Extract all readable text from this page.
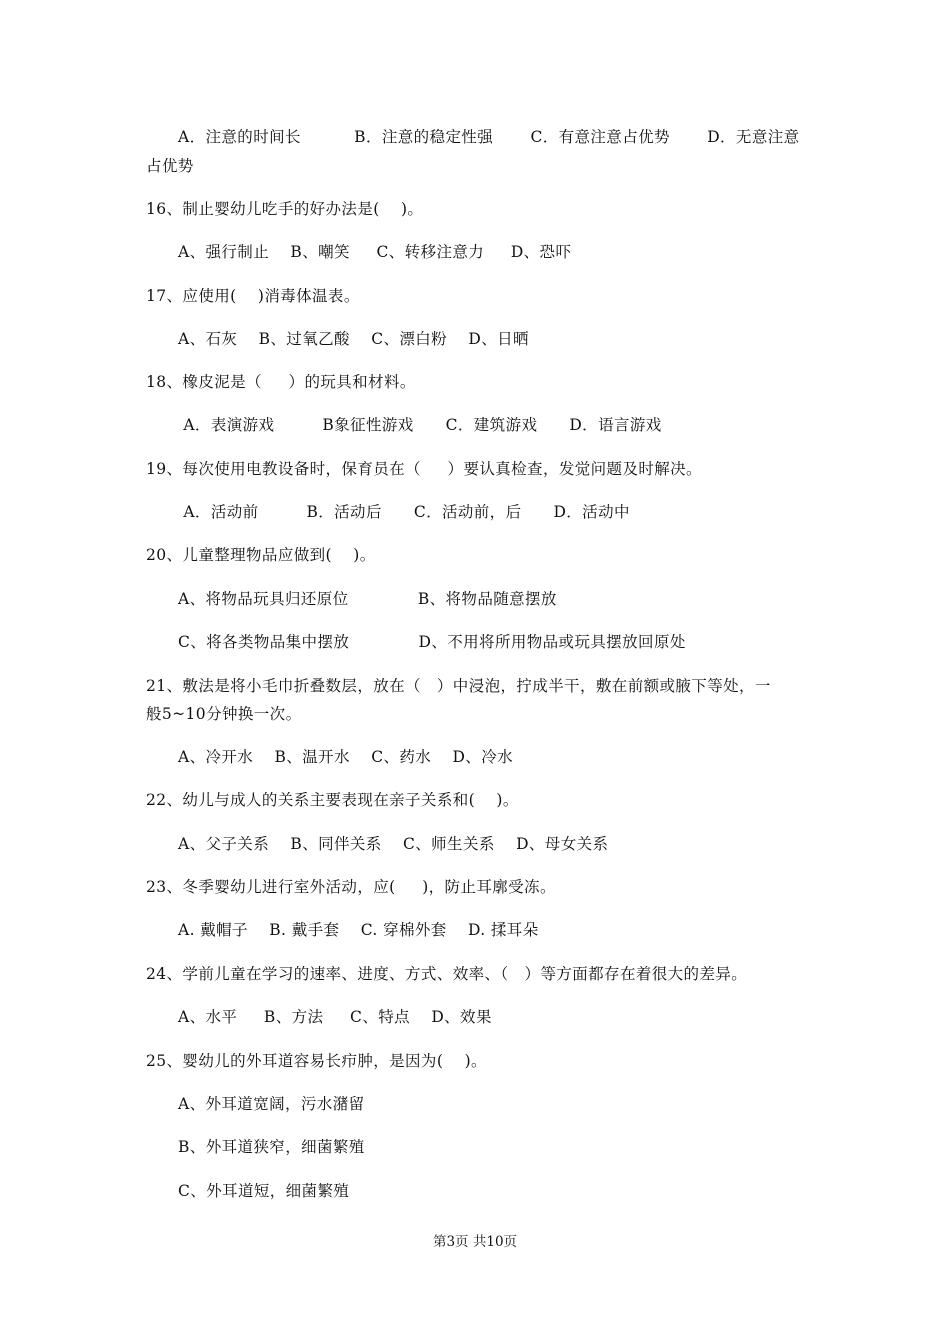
A．注意的时间长          B．注意的稳定性强       C．有意注意占优势       D．无意注意
占优势
16、制止婴幼儿吃手的好办法是(    )。
A、强行制止    B、嘲笑     C、转移注意力     D、恐吓
17、应使用(    )消毒体温表。
A、石灰    B、过氧乙酸    C、漂白粉    D、日晒
18、橡皮泥是（     ）的玩具和材料。
A．表演游戏         B象征性游戏      C．建筑游戏      D．语言游戏
19、每次使用电教设备时，保育员在（     ）要认真检查，发觉问题及时解决。
A．活动前         B．活动后      C．活动前，后      D．活动中
20、儿童整理物品应做到(    )。
A、将物品玩具归还原位             B、将物品随意摆放
C、将各类物品集中摆放             D、不用将所用物品或玩具摆放回原处
21、敷法是将小毛巾折叠数层，放在（   ）中浸泡，拧成半干，敷在前额或腋下等处，一
般5~10分钟换一次。
A、冷开水    B、温开水    C、药水    D、冷水
22、幼儿与成人的关系主要表现在亲子关系和(    )。
A、父子关系    B、同伴关系    C、师生关系    D、母女关系
23、冬季婴幼儿进行室外活动，应(     )，防止耳廓受冻。
A. 戴帽子    B. 戴手套    C. 穿棉外套    D. 揉耳朵
24、学前儿童在学习的速率、进度、方式、效率、（   ）等方面都存在着很大的差异。
A、水平     B、方法     C、特点    D、效果
25、婴幼儿的外耳道容易长疖肿，是因为(    )。
A、外耳道宽阔，污水潴留
B、外耳道狭窄，细菌繁殖
C、外耳道短，细菌繁殖
第3页 共10页
